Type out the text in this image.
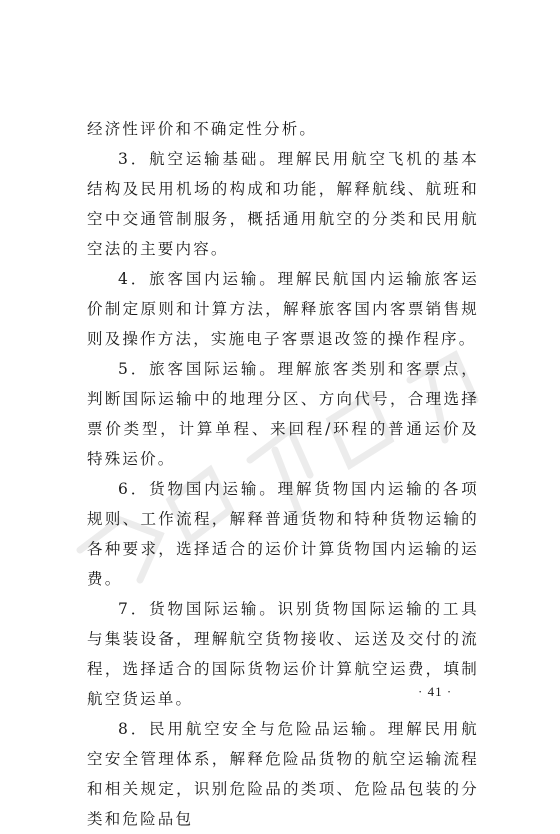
经济性评价和不确定性分析。

3．航空运输基础。理解民用航空飞机的基本结构及民用机场的构成和功能，解释航线、航班和空中交通管制服务，概括通用航空的分类和民用航空法的主要内容。

4．旅客国内运输。理解民航国内运输旅客运价制定原则和计算方法，解释旅客国内客票销售规则及操作方法，实施电子客票退改签的操作程序。

5．旅客国际运输。理解旅客类别和客票点，判断国际运输中的地理分区、方向代号，合理选择票价类型，计算单程、来回程/环程的普通运价及特殊运价。

6．货物国内运输。理解货物国内运输的各项规则、工作流程，解释普通货物和特种货物运输的各种要求，选择适合的运价计算货物国内运输的运费。

7．货物国际运输。识别货物国际运输的工具与集装设备，理解航空货物接收、运送及交付的流程，选择适合的国际货物运价计算航空运费，填制航空货运单。

8．民用航空安全与危险品运输。理解民用航空安全管理体系，解释危险品货物的航空运输流程和相关规定，识别危险品的类项、危险品包装的分类和危险品包

· 41 ·
